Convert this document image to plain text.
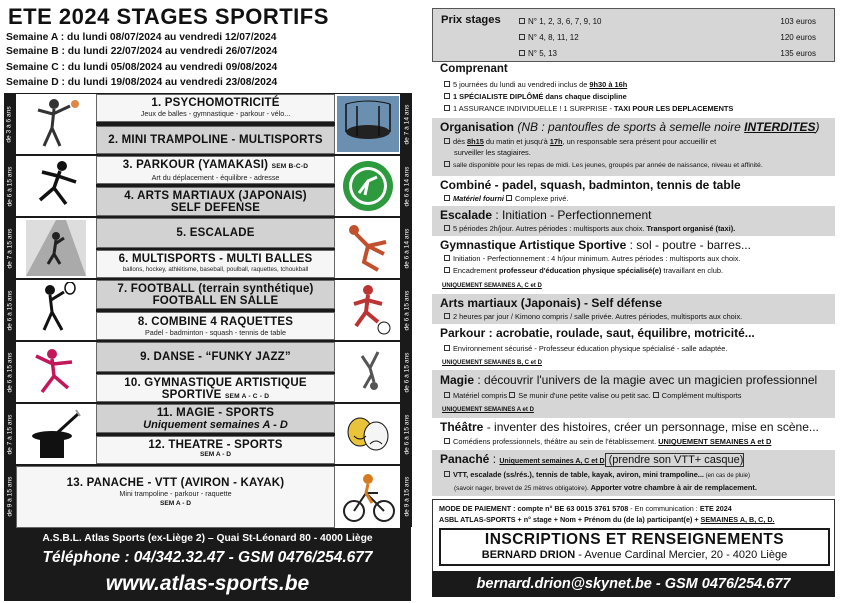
ETE 2024 STAGES SPORTIFS
Semaine A : du lundi 08/07/2024 au vendredi 12/07/2024
Semaine B : du lundi 22/07/2024 au vendredi 26/07/2024
Semaine C : du lundi 05/08/2024 au vendredi 09/08/2024
Semaine D : du lundi 19/08/2024 au vendredi 23/08/2024
de 3 à 6 ans
de 6 à 15 ans
de 7 à 15 ans
de 6 à 15 ans
de 6 à 15 ans
de 7 à 15 ans
de 9 à 15 ans
de 7 à 14 ans
de 6 à 14 ans
de 6 à 14 ans
de 6 à 15 ans
de 6 à 15 ans
de 6 à 15 ans
de 9 à 15 ans
1. PSYCHOMOTRICITÉ
Jeux de balles - gymnastique - parkour - vélo...
2. MINI TRAMPOLINE - MULTISPORTS
3. PARKOUR (YAMAKASI) SEM B-C-D
Art du déplacement - équilibre - adresse
4. ARTS MARTIAUX (JAPONAIS)
SELF DEFENSE
5. ESCALADE
6. MULTISPORTS - MULTI BALLES
ballons, hockey, athlétisme, baseball, poulball, raquettes, tchoukball
7. FOOTBALL (terrain synthétique)
FOOTBALL EN SALLE
8. COMBINE 4 RAQUETTES
Padel - badminton - squash - tennis de table
9. DANSE - “FUNKY JAZZ”
10. GYMNASTIQUE ARTISTIQUE
SPORTIVE SEM A - C - D
11. MAGIE - SPORTS
Uniquement semaines A - D
12. THEATRE - SPORTS
SEM A - D
13. PANACHE - VTT (AVIRON - KAYAK)
Mini trampoline - parkour - raquette
SEM A - D
A.S.B.L. Atlas Sports (ex-Liège 2) – Quai St-Léonard 80 - 4000 Liège
Téléphone : 04/342.32.47 - GSM 0476/254.677
www.atlas-sports.be
Prix stages	N° 1, 2, 3, 6, 7, 9, 10	103 euros
N° 4, 8, 11, 12	120 euros
N° 5, 13	135 euros
Comprenant
5 journées du lundi au vendredi inclus de 9h30 à 16h
1 SPÉCIALISTE DIPLÔMÉ dans chaque discipline
1 ASSURANCE INDIVIDUELLE ! 1 SURPRISE - TAXI POUR LES DEPLACEMENTS
Organisation (NB : pantoufles de sports à semelle noire INTERDITES)
dès 8h15 du matin et jusqu'à 17h, un responsable sera présent pour accueillir et
surveiller les stagiaires.
salle disponible pour les repas de midi. Les jeunes, groupés par année de naissance, niveau et affinité.
Combiné - padel, squash, badminton, tennis de table
Matériel fourni Complexe privé.
Escalade : Initiation - Perfectionnement
5 périodes 2h/jour. Autres périodes : multisports aux choix. Transport organisé (taxi).
Gymnastique Artistique Sportive : sol - poutre - barres...
Initiation - Perfectionnement : 4 h/jour minimum. Autres périodes : multisports aux choix.
Encadrement professeur d'éducation physique spécialisé(e) travaillant en club.
UNIQUEMENT SEMAINES A, C et D
Arts martiaux (Japonais) - Self défense
2 heures par jour / Kimono compris / salle privée. Autres périodes, multisports aux choix.
Parkour : acrobatie, roulade, saut, équilibre, motricité...
Environnement sécurisé - Professeur éducation physique spécialisé - salle adaptée.
UNIQUEMENT SEMAINES B, C et D
Magie : découvrir l'univers de la magie avec un magicien professionnel
Matériel compris Se munir d'une petite valise ou petit sac. Complément multisports
UNIQUEMENT SEMAINES A et D
Théâtre - inventer des histoires, créer un personnage, mise en scène...
Comédiens professionnels, théâtre au sein de l'établissement. UNIQUEMENT SEMAINES A et D
Panaché : Uniquement semaines A, C et D (prendre son VTT+ casque)
VTT, escalade (ss/rés.), tennis de table, kayak, aviron, mini trampoline... (en cas de pluie)
(savoir nager, brevet de 25 mètres obligatoire). Apporter votre chambre à air de remplacement.
MODE DE PAIEMENT : compte n° BE 63 0015 3761 5708 - En communication : ETE 2024
ASBL ATLAS-SPORTS + n° stage + Nom + Prénom du (de la) participant(e) + SEMAINES A, B, C, D.
INSCRIPTIONS ET RENSEIGNEMENTS
BERNARD DRION - Avenue Cardinal Mercier, 20 - 4020 Liège
bernard.drion@skynet.be - GSM 0476/254.677
